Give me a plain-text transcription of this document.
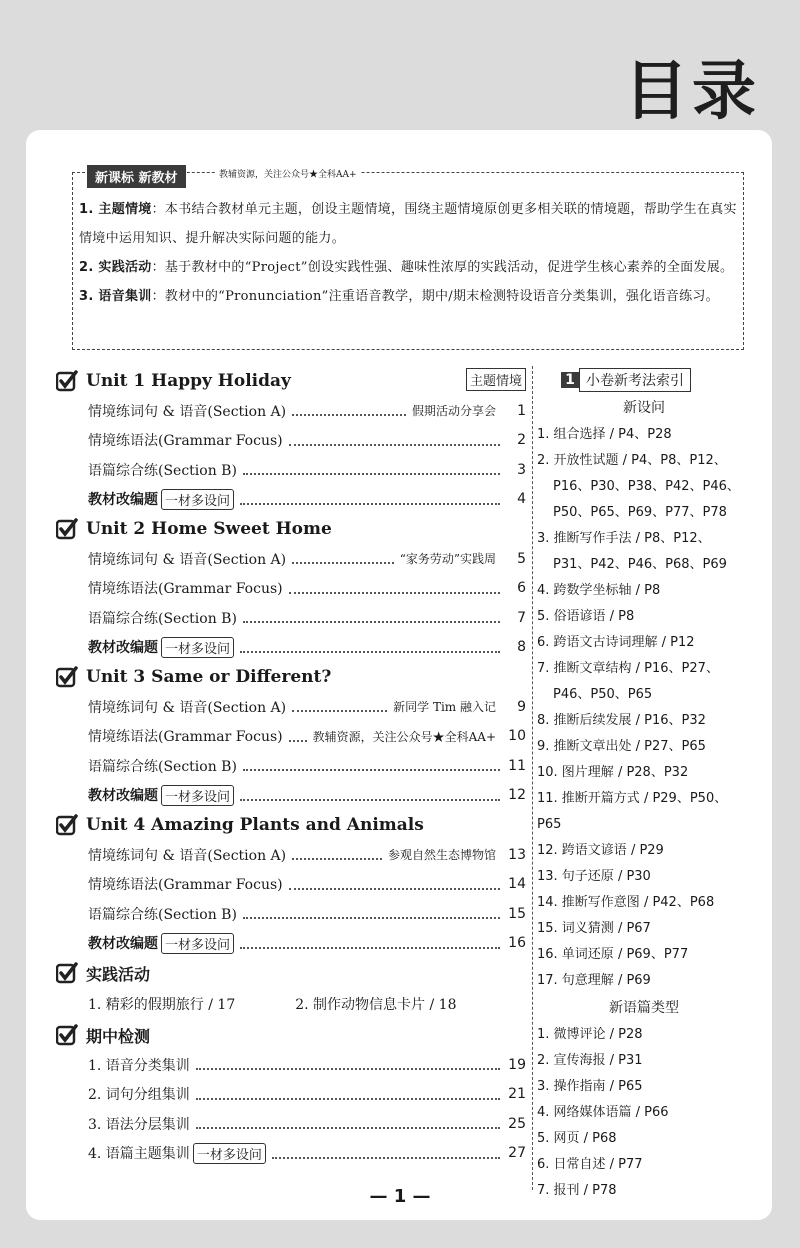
目录
新课标 新教材	教辅资源，关注公众号★全科AA+
1. 主题情境：本书结合教材单元主题，创设主题情境，围绕主题情境原创更多相关联的情境题，帮助学生在真实情境中运用知识、提升解决实际问题的能力。
2. 实践活动：基于教材中的“Project”创设实践性强、趣味性浓厚的实践活动，促进学生核心素养的全面发展。
3. 语音集训：教材中的“Pronunciation”注重语音教学，期中/期末检测特设语音分类集训，强化语音练习。
Unit 1 Happy Holiday	主题情境
情境练词句 & 语音(Section A)	假期活动分享会	1
情境练语法(Grammar Focus)	2
语篇综合练(Section B)	3
教材改编题 一材多设问	4
Unit 2 Home Sweet Home
情境练词句 & 语音(Section A)	“家务劳动”实践周	5
情境练语法(Grammar Focus)	6
语篇综合练(Section B)	7
教材改编题 一材多设问	8
Unit 3 Same or Different?
情境练词句 & 语音(Section A)	新同学 Tim 融入记	9
情境练语法(Grammar Focus)	教辅资源，关注公众号★全科AA+ 10
语篇综合练(Section B)	11
教材改编题 一材多设问	12
Unit 4 Amazing Plants and Animals
情境练词句 & 语音(Section A)	参观自然生态博物馆 13
情境练语法(Grammar Focus)	14
语篇综合练(Section B)	15
教材改编题 一材多设问	16
实践活动
1. 精彩的假期旅行 / 17	2. 制作动物信息卡片 / 18
期中检测
1. 语音分类集训	19
2. 词句分组集训	21
3. 语法分层集训	25
4. 语篇主题集训 一材多设问	27
1 小卷新考法索引
新设问
1. 组合选择 / P4、P28
2. 开放性试题 / P4、P8、P12、
P16、P30、P38、P42、P46、
P50、P65、P69、P77、P78
3. 推断写作手法 / P8、P12、
P31、P42、P46、P68、P69
4. 跨数学坐标轴 / P8
5. 俗语谚语 / P8
6. 跨语文古诗词理解 / P12
7. 推断文章结构 / P16、P27、
P46、P50、P65
8. 推断后续发展 / P16、P32
9. 推断文章出处 / P27、P65
10. 图片理解 / P28、P32
11. 推断开篇方式 / P29、P50、P65
12. 跨语文谚语 / P29
13. 句子还原 / P30
14. 推断写作意图 / P42、P68
15. 词义猜测 / P67
16. 单词还原 / P69、P77
17. 句意理解 / P69
新语篇类型
1. 微博评论 / P28
2. 宣传海报 / P31
3. 操作指南 / P65
4. 网络媒体语篇 / P66
5. 网页 / P68
6. 日常自述 / P77
7. 报刊 / P78
— 1 —
